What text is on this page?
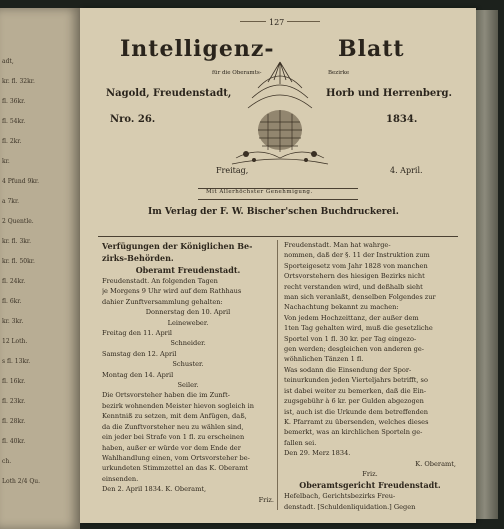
adt,
kr. fl. 32kr.
fl. 36kr.
fl. 54kr.
fl. 2kr.
kr.
4 Pfund 9kr.
a 7kr.
2 Quentle.
kr. fl. 3kr.
kr. fl. 50kr.
fl. 24kr.
fl. 6kr.
kr. 3kr.
12 Loth.
s fl. 13kr.
fl. 16kr.
fl. 23kr.
fl. 28kr.
fl. 40kr.
ch.
Loth 2/4 Qu.
127
Intelligenz-	Blatt
für die Oberamts-	Bezirke
Nagold, Freudenstadt,	Horb und Herrenberg.
Nro. 26.	1834.
Freitag,	4. April.
Mit Allerhöchster Genehmigung.
Im Verlag der F. W. Bischer'schen Buchdruckerei.
Verfügungen der Königlichen Be-
zirks-Behörden.
Oberamt Freudenstadt.
Freudenstadt. An folgenden Tagen
je Morgens 9 Uhr wird auf dem Rathhaus
dahier Zunftversammlung gehalten:
Donnerstag den 10. April
Leineweber.
Freitag den 11. April
Schneider.
Samstag den 12. April
Schuster.
Montag den 14. April
Seiler.
Die Ortsvorsteher haben die im Zunft-
bezirk wohnenden Meister hievon sogleich in
Kenntniß zu setzen, mit dem Anfügen, daß,
da die Zunftvorsteher neu zu wählen sind,
ein jeder bei Strafe von 1 fl. zu erscheinen
haben, außer er würde vor dem Ende der
Wahlhandlung einen, vom Ortsvorsteher be-
urkundeten Stimmzettel an das K. Oberamt
einsenden.
Den 2. April 1834. K. Oberamt,
Friz.
Freudenstadt. Man hat wahrge-
nommen, daß der §. 11 der Instruktion zum
Sporteigesetz vom Jahr 1828 von manchen
Ortsvorstehern des hiesigen Bezirks nicht
recht verstanden wird, und deßhalb sieht
man sich veranlaßt, denselben Folgendes zur
Nachachtung bekannt zu machen:
Von jedem Hochzeittanz, der außer dem
1ten Tag gehalten wird, muß die gesetzliche
Sportel von 1 fl. 30 kr. per Tag eingezo-
gen werden; desgleichen von anderen ge-
wöhnlichen Tänzen 1 fl.
Was sodann die Einsendung der Spor-
teinurkunden jeden Vierteljahrs betrifft, so
ist dabei weiter zu bemerken, daß die Ein-
zugsgebühr à 6 kr. per Gulden abgezogen
ist, auch ist die Urkunde dem betreffenden
K. Pfarramt zu übersenden, welches dieses
bemerkt, was an kirchlichen Sporteln ge-
fallen sei.
Den 29. Merz 1834.
K. Oberamt,
Friz.
Oberamtsgericht Freudenstadt.
Hefelbach, Gerichtsbezirks Freu-
denstadt. [Schuldenliquidation.] Gegen
